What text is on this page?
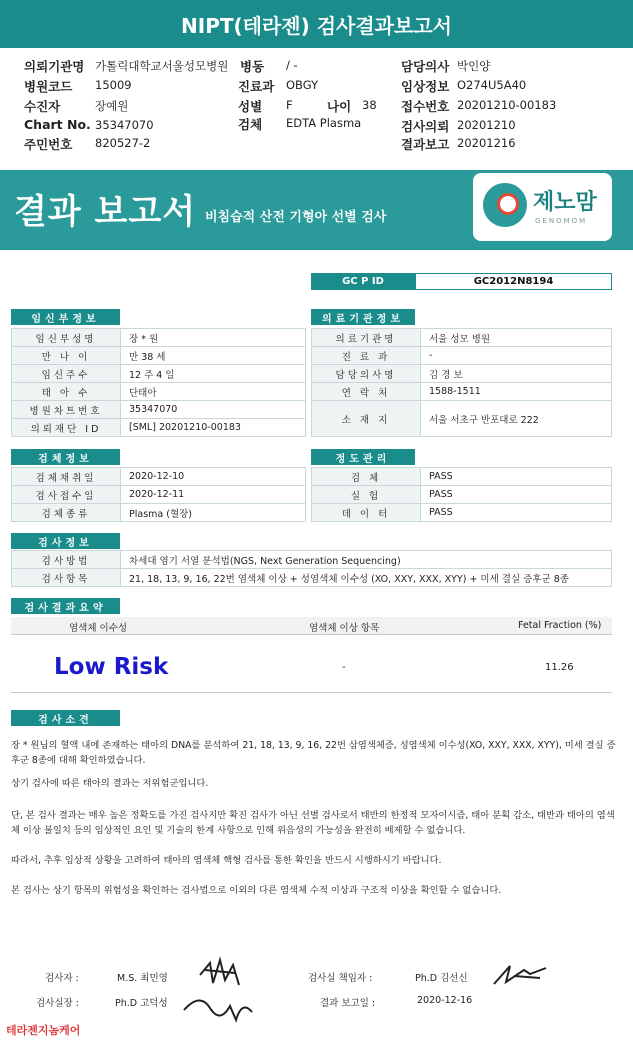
NIPT(테라젠) 검사결과보고서
의뢰기관명 가톨릭대학교서울성모병원 병동 / -	담당의사 박인양
병원코드 15009	진료과 OBGY	임상정보 O274U5A40
수진자	장예원	성별 F	나이 38 접수번호 20201210-00183
Chart No. 35347070	검체 EDTA Plasma	검사의뢰 20201210
주민번호 820527-2	결과보고 20201216
결과 보고서 비침습적 산전 기형아 선별 검사
제노맘
GENOMOM
GC P ID	GC2012N8194
임신부정보
임신부성명	장 * 원
만 나 이	만 38 세
임신주수	12 주 4 일
태 아 수	단태아
병원차트번호	35347070
의뢰재단 ID	[SML] 20201210-00183
의료기관정보
의료기관명	서울 성모 병원
진 료 과	-
담당의사명	김 경 보
연 락 처	1588-1511
소 재 지	서울 서초구 반포대로 222
검체정보
검체채취일	2020-12-10
검사접수일	2020-12-11
검체종류	Plasma (혈장)
정도관리
검 체	PASS
실 험	PASS
데 이 터	PASS
검사정보
검사방법	차세대 염기 서열 분석법(NGS, Next Generation Sequencing)
검사항목	21, 18, 13, 9, 16, 22번 염색체 이상 + 성염색체 이수성 (XO, XXY, XXX, XYY) + 미세 결실 증후군 8종
검사결과요약
염색체 이수성	염색체 이상 항목	Fetal Fraction (%)
Low Risk	-	11.26
검사소견
장 * 원님의 혈액 내에 존재하는 태아의 DNA를 분석하여 21, 18, 13, 9, 16, 22번 삼염색체증, 성염색체 이수성(XO, XXY, XXX, XYY), 미세 결실 증후군 8종에 대해 확인하였습니다.
상기 검사에 따른 태아의 결과는 저위험군입니다.
단, 본 검사 결과는 매우 높은 정확도를 가진 검사지만 확진 검사가 아닌 선별 검사로서 태반의 한정적 모자이시즘, 태아 분획 감소, 태반과 태아의 염색체 이상 불일치 등의 임상적인 요인 및 기술의 한계 사항으로 인해 위음성의 가능성을 완전히 배제할 수 없습니다.
따라서, 추후 임상적 상황을 고려하여 태아의 염색체 핵형 검사를 통한 확인을 반드시 시행하시기 바랍니다.
본 검사는 상기 항목의 위험성을 확인하는 검사법으로 이외의 다른 염색체 수적 이상과 구조적 이상을 확인할 수 없습니다.
검사자 :	M.S. 최민영	검사실 책임자 :	Ph.D 김선신
검사실장 :	Ph.D 고덕성	결과 보고일 :	2020-12-16
테라젠지놈케어
